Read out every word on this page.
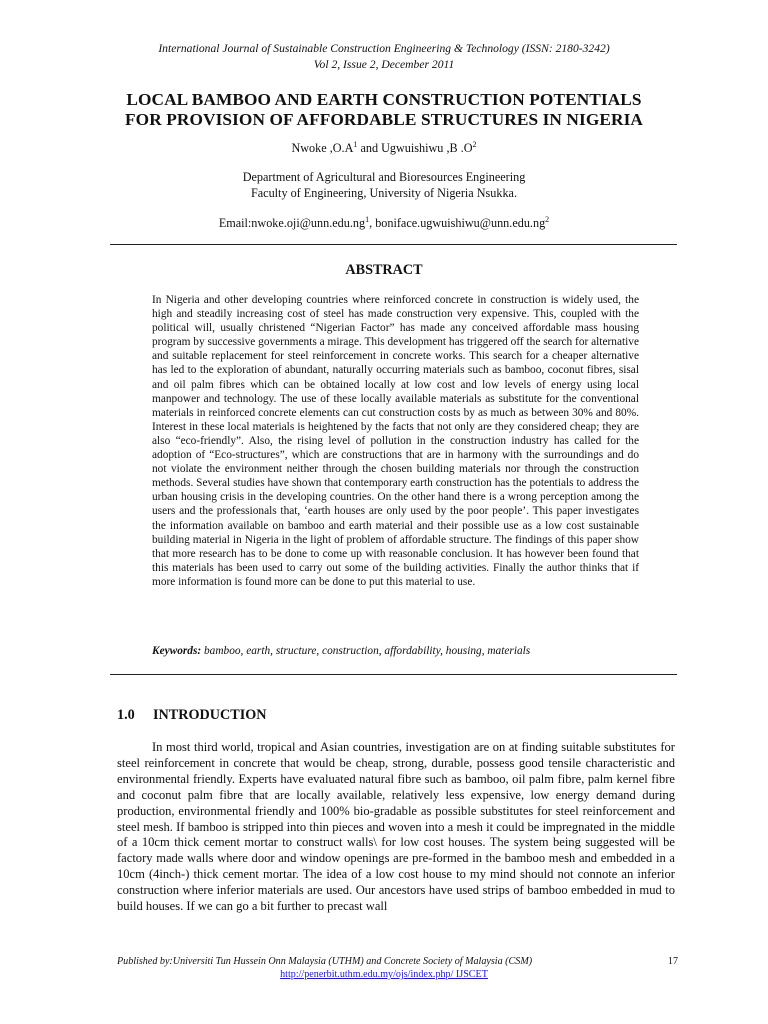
International Journal of Sustainable Construction Engineering & Technology (ISSN: 2180-3242)
Vol 2, Issue 2, December 2011
LOCAL BAMBOO AND EARTH CONSTRUCTION POTENTIALS
FOR PROVISION OF AFFORDABLE STRUCTURES IN NIGERIA
Nwoke $,O.A^1$ and Ugwuishiwu ,B $.O^2$
Department of Agricultural and Bioresources Engineering
Faculty of Engineering, University of Nigeria Nsukka.
$Email:nwoke.oji@unn.edu.ng^1$, $boniface.ugwuishiwu@unn.edu.ng^2$
ABSTRACT

In Nigeria and other developing countries where reinforced concrete in construction is widely used, the high and steadily increasing cost of steel has made construction very expensive. This, coupled with the political will, usually christened “Nigerian Factor” has made any conceived affordable mass housing program by successive governments a mirage. This development has triggered off the search for alternative and suitable replacement for steel reinforcement in concrete works. This search for a cheaper alternative has led to the exploration of abundant, naturally occurring materials such as bamboo, coconut fibres, sisal and oil palm fibres which can be obtained locally at low cost and low levels of energy using local manpower and technology. The use of these locally available materials as substitute for the conventional materials in reinforced concrete elements can cut construction costs by as much as between 30% and 80%. Interest in these local materials is heightened by the facts that not only are they considered cheap; they are also “eco-friendly”. Also, the rising level of pollution in the construction industry has called for the adoption of “Eco-structures”, which are constructions that are in harmony with the surroundings and do not violate the environment neither through the chosen building materials nor through the construction methods. Several studies have shown that contemporary earth construction has the potentials to address the urban housing crisis in the developing countries. On the other hand there is a wrong perception among the users and the professionals that, ‘earth houses are only used by the poor people’. This paper investigates the information available on bamboo and earth material and their possible use as a low cost sustainable building material in Nigeria in the light of problem of affordable structure. The findings of this paper show that more research has to be done to come up with reasonable conclusion. It has however been found that this materials has been used to carry out some of the building activities. Finally the author thinks that if more information is found more can be done to put this material to use.

Keywords: bamboo, earth, structure, construction, affordability, housing, materials
1.0 INTRODUCTION

In most third world, tropical and Asian countries, investigation are on at finding suitable substitutes for steel reinforcement in concrete that would be cheap, strong, durable, possess good tensile characteristic and environmental friendly. Experts have evaluated natural fibre such as bamboo, oil palm fibre, palm kernel fibre and coconut palm fibre that are locally available, relatively less expensive, low energy demand during production, environmental friendly and 100% bio-gradable as possible substitutes for steel reinforcement and steel mesh. If bamboo is stripped into thin pieces and woven into a mesh it could be impregnated in the middle of a 10cm thick cement mortar to construct walls\ for low cost houses. The system being suggested will be factory made walls where door and window openings are pre-formed in the bamboo mesh and embedded in a 10cm (4inch-) thick cement mortar. The idea of a low cost house to my mind should not connote an inferior construction where inferior materials are used. Our ancestors have used strips of bamboo embedded in mud to build houses. If we can go a bit further to precast wall

Published by:Universiti Tun Hussein Onn Malaysia (UTHM) and Concrete Society of Malaysia (CSM)	17
http://penerbit.uthm.edu.my/ojs/index.php/ IJSCET
